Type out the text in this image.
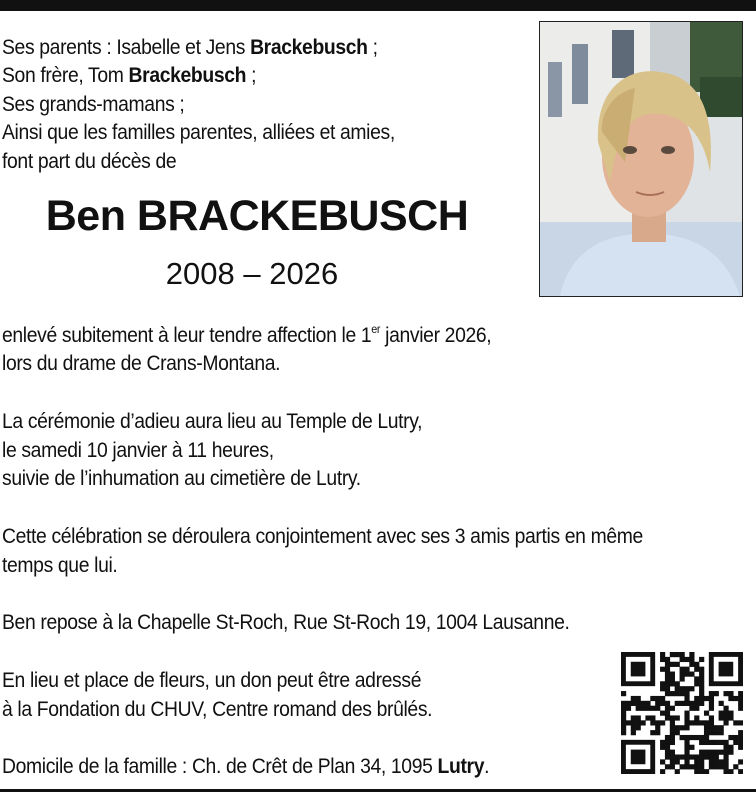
Ses parents : Isabelle et Jens Brackebusch ;
Son frère, Tom Brackebusch ;
Ses grands-mamans ;
Ainsi que les familles parentes, alliées et amies,
font part du décès de
Ben BRACKEBUSCH
2008 – 2026
enlevé subitement à leur tendre affection le 1er janvier 2026,
lors du drame de Crans-Montana.
La cérémonie d’adieu aura lieu au Temple de Lutry,
le samedi 10 janvier à 11 heures,
suivie de l’inhumation au cimetière de Lutry.
Cette célébration se déroulera conjointement avec ses 3 amis partis en même
temps que lui.
Ben repose à la Chapelle St-Roch, Rue St-Roch 19, 1004 Lausanne.
En lieu et place de fleurs, un don peut être adressé
à la Fondation du CHUV, Centre romand des brûlés.
Domicile de la famille : Ch. de Crêt de Plan 34, 1095 Lutry.
